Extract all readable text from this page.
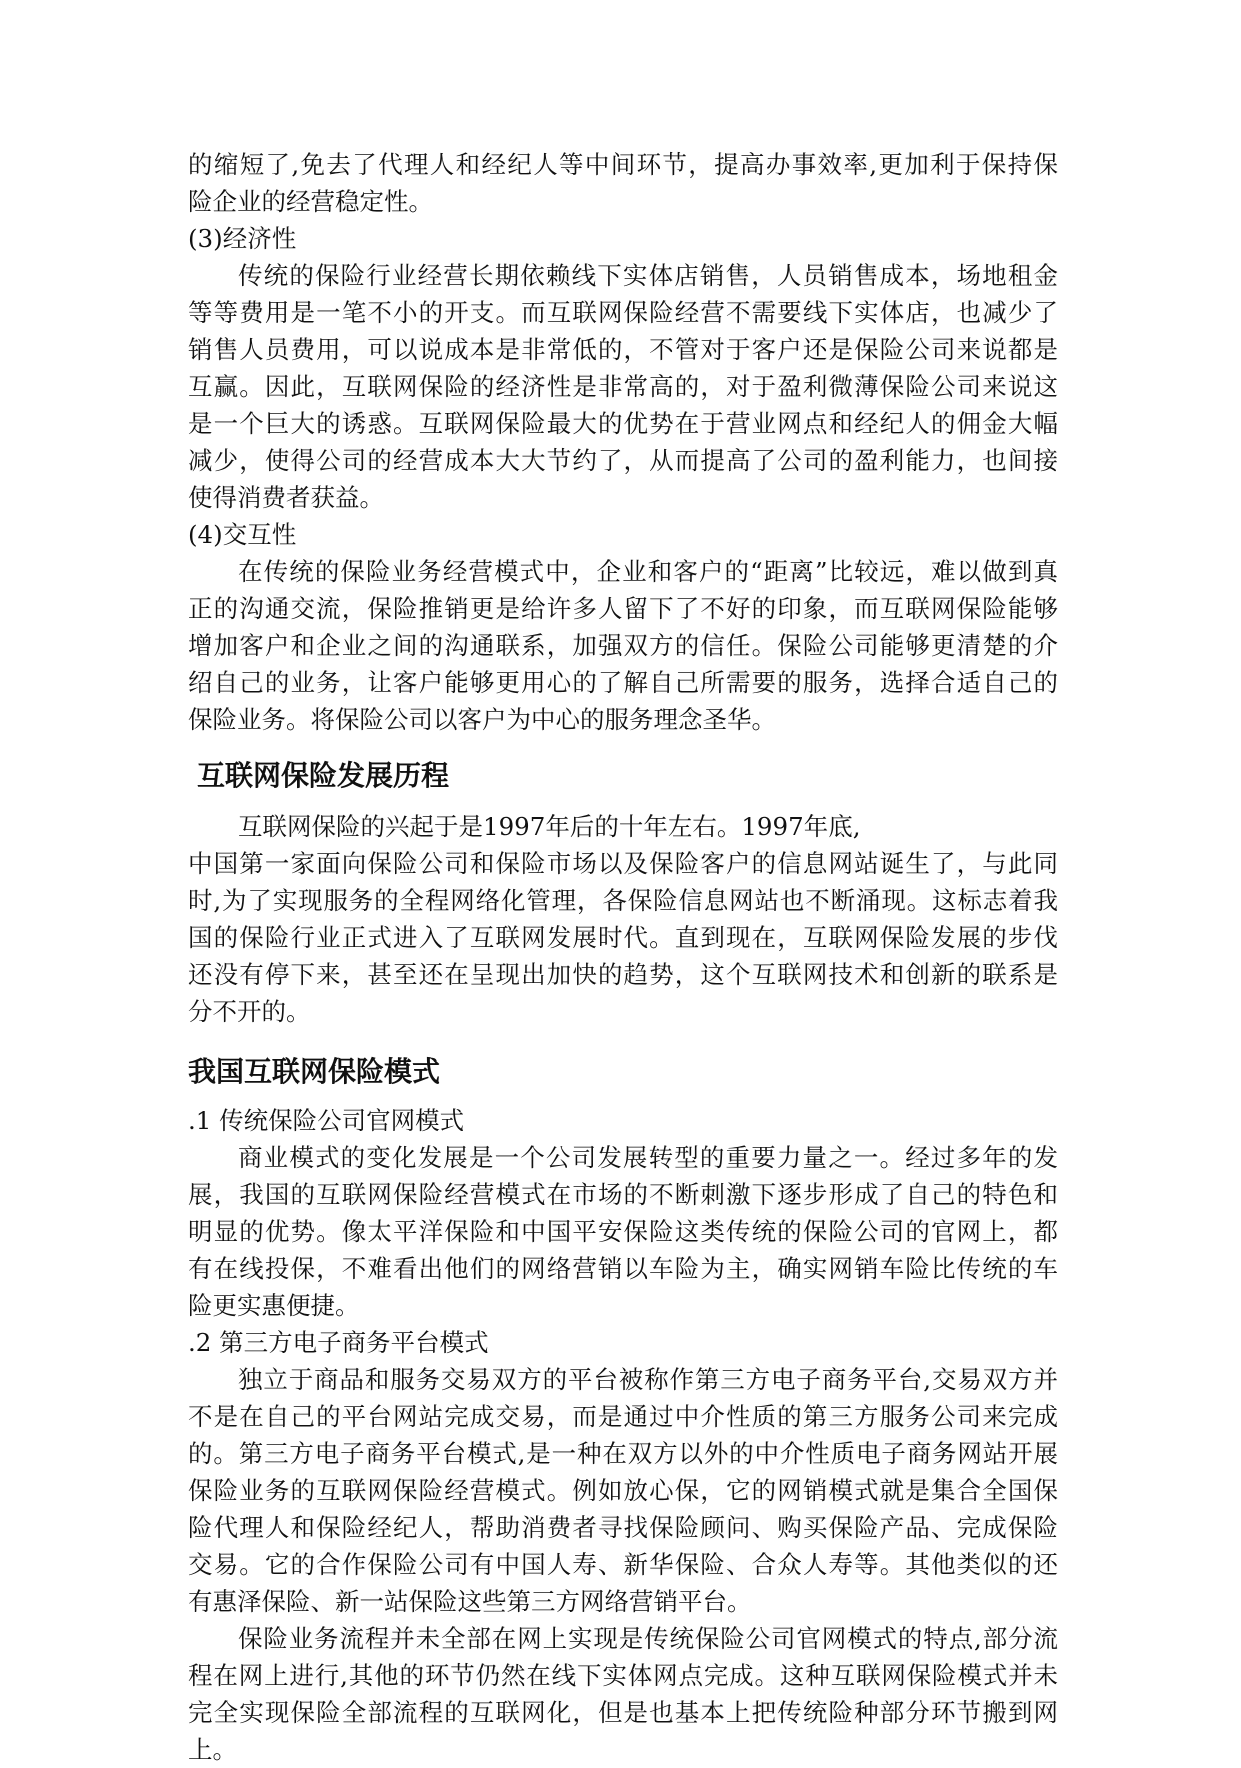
的缩短了,免去了代理人和经纪人等中间环节，提高办事效率,更加利于保持保
险企业的经营稳定性。
(3)经济性
传统的保险行业经营长期依赖线下实体店销售，人员销售成本，场地租金
等等费用是一笔不小的开支。而互联网保险经营不需要线下实体店，也减少了
销售人员费用，可以说成本是非常低的，不管对于客户还是保险公司来说都是
互赢。因此，互联网保险的经济性是非常高的，对于盈利微薄保险公司来说这
是一个巨大的诱惑。互联网保险最大的优势在于营业网点和经纪人的佣金大幅
减少，使得公司的经营成本大大节约了，从而提高了公司的盈利能力，也间接
使得消费者获益。
(4)交互性
在传统的保险业务经营模式中，企业和客户的“距离”比较远，难以做到真
正的沟通交流，保险推销更是给许多人留下了不好的印象，而互联网保险能够
增加客户和企业之间的沟通联系，加强双方的信任。保险公司能够更清楚的介
绍自己的业务，让客户能够更用心的了解自己所需要的服务，选择合适自己的
保险业务。将保险公司以客户为中心的服务理念圣华。
互联网保险发展历程
互联网保险的兴起于是1997年后的十年左右。1997年底,
中国第一家面向保险公司和保险市场以及保险客户的信息网站诞生了，与此同
时,为了实现服务的全程网络化管理，各保险信息网站也不断涌现。这标志着我
国的保险行业正式进入了互联网发展时代。直到现在，互联网保险发展的步伐
还没有停下来，甚至还在呈现出加快的趋势，这个互联网技术和创新的联系是
分不开的。
我国互联网保险模式
.1 传统保险公司官网模式
商业模式的变化发展是一个公司发展转型的重要力量之一。经过多年的发
展，我国的互联网保险经营模式在市场的不断刺激下逐步形成了自己的特色和
明显的优势。像太平洋保险和中国平安保险这类传统的保险公司的官网上，都
有在线投保，不难看出他们的网络营销以车险为主，确实网销车险比传统的车
险更实惠便捷。
.2 第三方电子商务平台模式
独立于商品和服务交易双方的平台被称作第三方电子商务平台,交易双方并
不是在自己的平台网站完成交易，而是通过中介性质的第三方服务公司来完成
的。第三方电子商务平台模式,是一种在双方以外的中介性质电子商务网站开展
保险业务的互联网保险经营模式。例如放心保，它的网销模式就是集合全国保
险代理人和保险经纪人，帮助消费者寻找保险顾问、购买保险产品、完成保险
交易。它的合作保险公司有中国人寿、新华保险、合众人寿等。其他类似的还
有惠泽保险、新一站保险这些第三方网络营销平台。
保险业务流程并未全部在网上实现是传统保险公司官网模式的特点,部分流
程在网上进行,其他的环节仍然在线下实体网点完成。这种互联网保险模式并未
完全实现保险全部流程的互联网化，但是也基本上把传统险种部分环节搬到网
上。
